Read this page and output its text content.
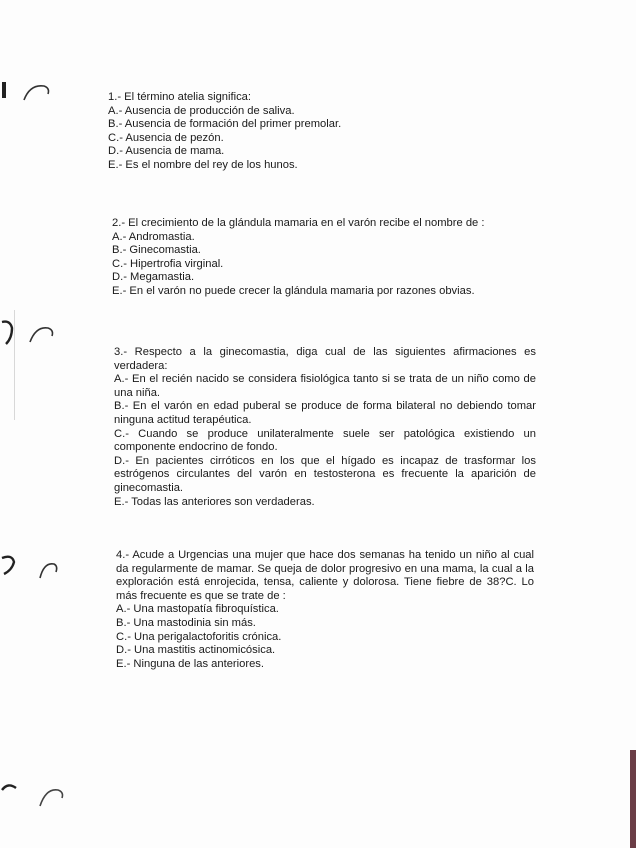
1.- El término atelia significa:

A.- Ausencia de producción de saliva.
B.- Ausencia de formación del primer premolar.
C.- Ausencia de pezón.
D.- Ausencia de mama.
E.- Es el nombre del rey de los hunos.

2.- El crecimiento de la glándula mamaria en el varón recibe el nombre de :

A.- Andromastia.
B.- Ginecomastia.
C.- Hipertrofia virginal.
D.- Megamastia.
E.- En el varón no puede crecer la glándula mamaria por razones obvias.

3.- Respecto a la ginecomastia, diga cual de las siguientes afirmaciones es verdadera:

A.- En el recién nacido se considera fisiológica tanto si se trata de un niño como de una niña.

B.- En el varón en edad puberal se produce de forma bilateral no debiendo tomar ninguna actitud terapéutica.

C.- Cuando se produce unilateralmente suele ser patológica existiendo un componente endocrino de fondo.

D.- En pacientes cirróticos en los que el hígado es incapaz de trasformar los estrógenos circulantes del varón en testosterona es frecuente la aparición de ginecomastia.

E.- Todas las anteriores son verdaderas.

4.- Acude a Urgencias una mujer que hace dos semanas ha tenido un niño al cual da regularmente de mamar. Se queja de dolor progresivo en una mama, la cual a la exploración está enrojecida, tensa, caliente y dolorosa. Tiene fiebre de 38?C. Lo más frecuente es que se trate de :

A.- Una mastopatía fibroquística.
B.- Una mastodinia sin más.
C.- Una perigalactoforitis crónica.
D.- Una mastitis actinomicósica.
E.- Ninguna de las anteriores.
